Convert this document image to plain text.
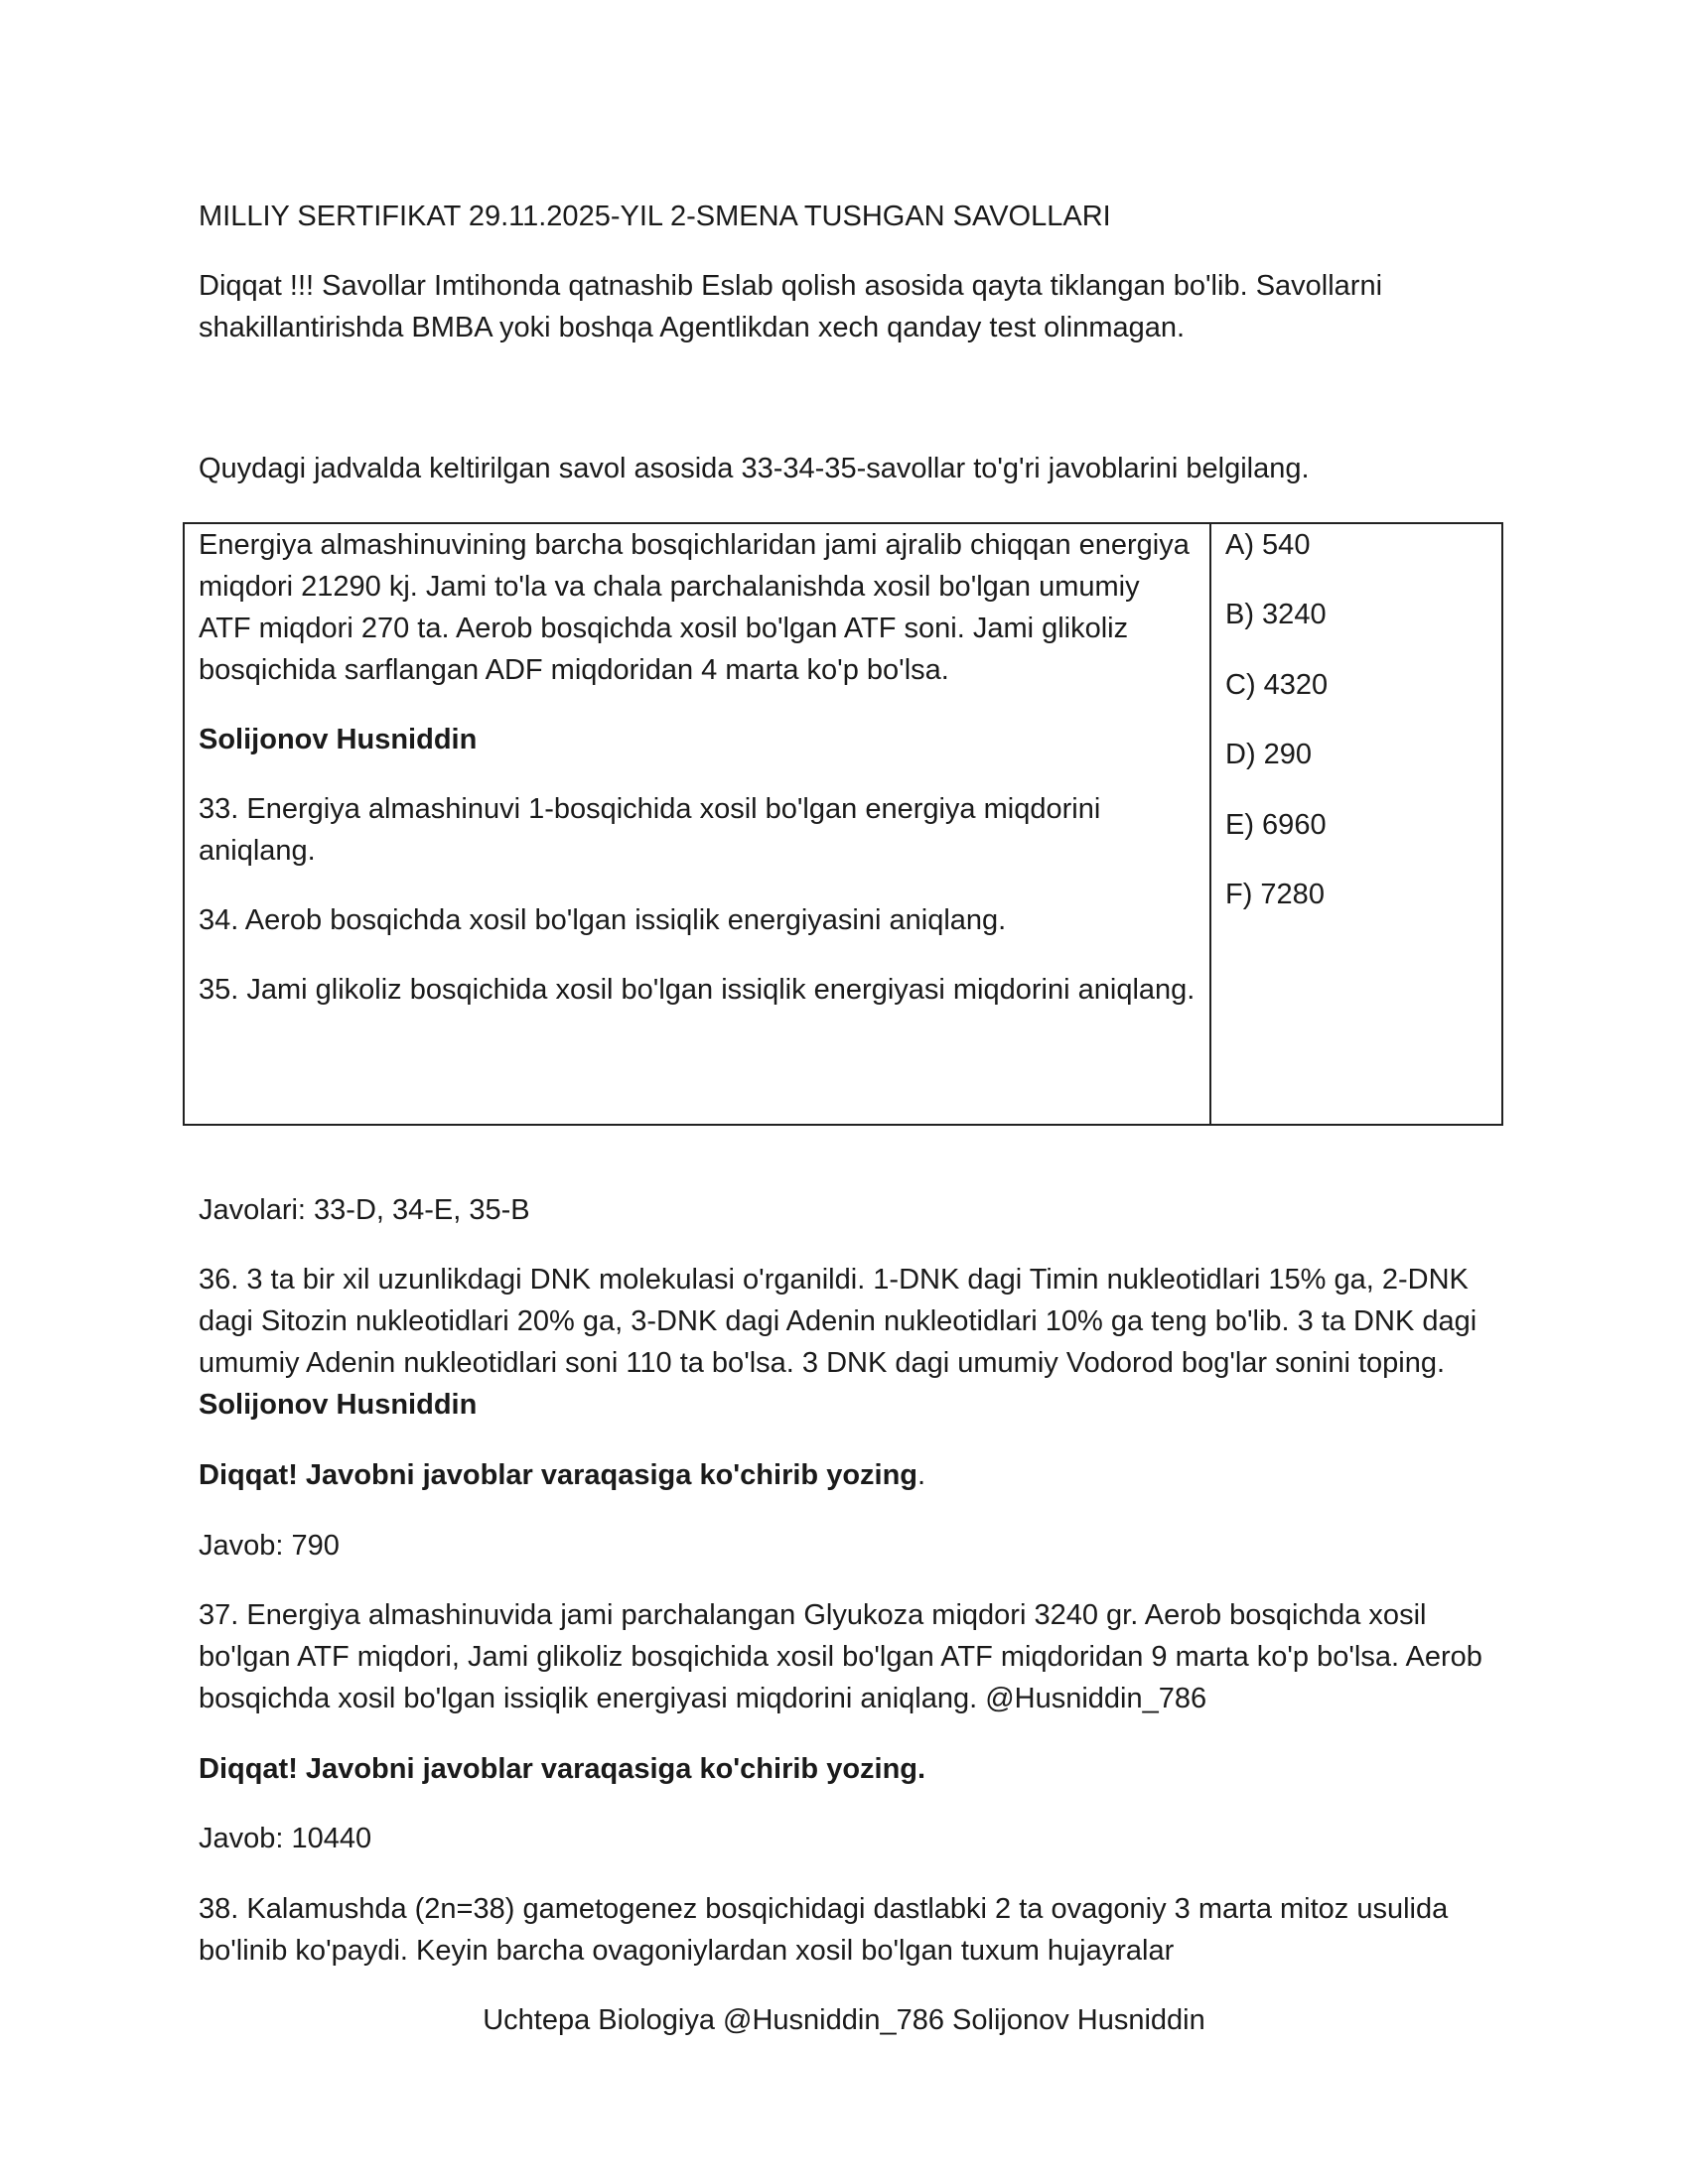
MILLIY SERTIFIKAT 29.11.2025-YIL 2-SMENA TUSHGAN SAVOLLARI

Diqqat !!! Savollar Imtihonda qatnashib Eslab qolish asosida qayta tiklangan bo'lib. Savollarni shakillantirishda BMBA yoki boshqa Agentlikdan xech qanday test olinmagan.

Quydagi jadvalda keltirilgan savol asosida 33-34-35-savollar to'g'ri javoblarini belgilang.

Energiya almashinuvining barcha bosqichlaridan jami ajralib chiqqan energiya miqdori 21290 kj. Jami to'la va chala parchalanishda xosil bo'lgan umumiy ATF miqdori 270 ta. Aerob bosqichda xosil bo'lgan ATF soni. Jami glikoliz bosqichida sarflangan ADF miqdoridan 4 marta ko'p bo'lsa.

Solijonov Husniddin

33. Energiya almashinuvi 1-bosqichida xosil bo'lgan energiya miqdorini aniqlang.

34. Aerob bosqichda xosil bo'lgan issiqlik energiyasini aniqlang.

35. Jami glikoliz bosqichida xosil bo'lgan issiqlik energiyasi miqdorini aniqlang.

A) 540
B) 3240
C) 4320
D) 290
E) 6960
F) 7280

Javolari: 33-D, 34-E, 35-B

36. 3 ta bir xil uzunlikdagi DNK molekulasi o'rganildi. 1-DNK dagi Timin nukleotidlari 15% ga, 2-DNK dagi Sitozin nukleotidlari 20% ga, 3-DNK dagi Adenin nukleotidlari 10% ga teng bo'lib. 3 ta DNK dagi umumiy Adenin nukleotidlari soni 110 ta bo'lsa. 3 DNK dagi umumiy Vodorod bog'lar sonini toping. Solijonov Husniddin

Diqqat! Javobni javoblar varaqasiga ko'chirib yozing.

Javob: 790

37. Energiya almashinuvida jami parchalangan Glyukoza miqdori 3240 gr. Aerob bosqichda xosil bo'lgan ATF miqdori, Jami glikoliz bosqichida xosil bo'lgan ATF miqdoridan 9 marta ko'p bo'lsa. Aerob bosqichda xosil bo'lgan issiqlik energiyasi miqdorini aniqlang. @Husniddin_786

Diqqat! Javobni javoblar varaqasiga ko'chirib yozing.

Javob: 10440

38. Kalamushda (2n=38) gametogenez bosqichidagi dastlabki 2 ta ovagoniy 3 marta mitoz usulida bo'linib ko'paydi. Keyin barcha ovagoniylardan xosil bo'lgan tuxum hujayralar

Uchtepa Biologiya @Husniddin_786 Solijonov Husniddin
